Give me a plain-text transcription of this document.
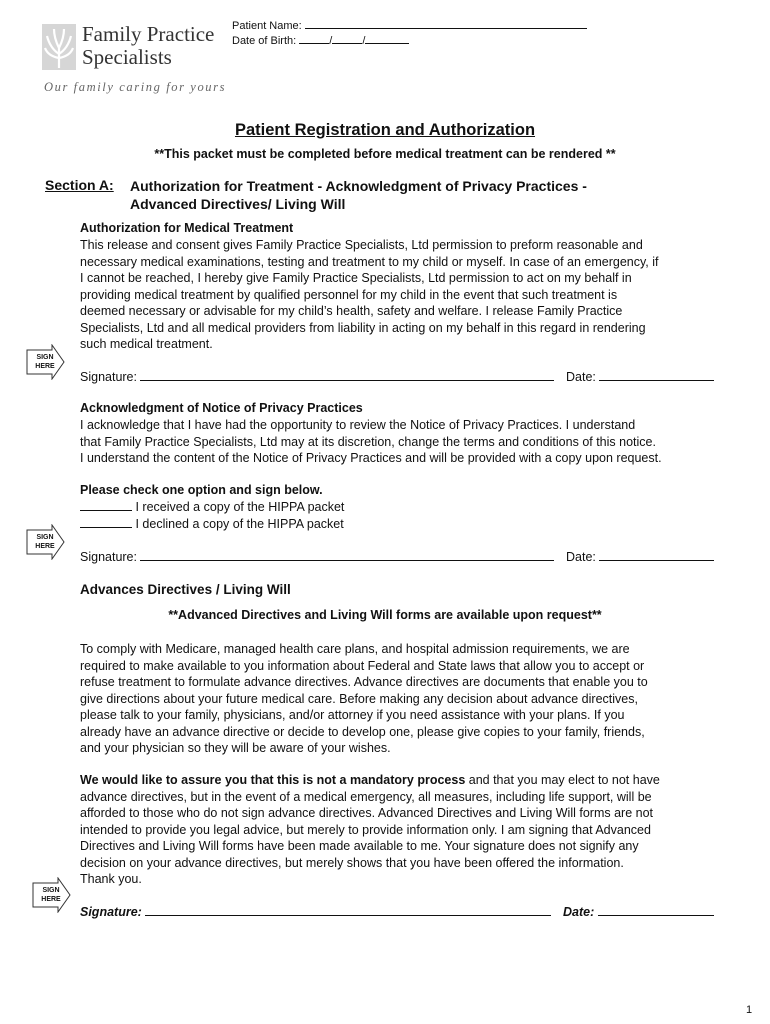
Family Practice
Specialists
Our family caring for yours
Patient Name:
Date of Birth:	/	/
Patient Registration and Authorization
**This packet must be completed before medical treatment can be rendered **
Section A: Authorization for Treatment - Acknowledgment of Privacy Practices -
Advanced Directives/ Living Will
Authorization for Medical Treatment
This release and consent gives Family Practice Specialists, Ltd permission to preform reasonable and
necessary medical examinations, testing and treatment to my child or myself. In case of an emergency, if
I cannot be reached, I hereby give Family Practice Specialists, Ltd permission to act on my behalf in
providing medical treatment by qualified personnel for my child in the event that such treatment is
deemed necessary or advisable for my child’s health, safety and welfare. I release Family Practice
Specialists, Ltd and all medical providers from liability in acting on my behalf in this regard in rendering
such medical treatment.
SIGN
HERE
Signature:	Date:
Acknowledgment of Notice of Privacy Practices
I acknowledge that I have had the opportunity to review the Notice of Privacy Practices. I understand
that Family Practice Specialists, Ltd may at its discretion, change the terms and conditions of this notice.
I understand the content of the Notice of Privacy Practices and will be provided with a copy upon request.
Please check one option and sign below.
I received a copy of the HIPPA packet
I declined a copy of the HIPPA packet
SIGN
HERE
Signature:	Date:
Advances Directives / Living Will
**Advanced Directives and Living Will forms are available upon request**
To comply with Medicare, managed health care plans, and hospital admission requirements, we are
required to make available to you information about Federal and State laws that allow you to accept or
refuse treatment to formulate advance directives. Advance directives are documents that enable you to
give directions about your future medical care. Before making any decision about advance directives,
please talk to your family, physicians, and/or attorney if you need assistance with your plans. If you
already have an advance directive or decide to develop one, please give copies to your family, friends,
and your physician so they will be aware of your wishes.
We would like to assure you that this is not a mandatory process and that you may elect to not have
advance directives, but in the event of a medical emergency, all measures, including life support, will be
afforded to those who do not sign advance directives. Advanced Directives and Living Will forms are not
intended to provide you legal advice, but merely to provide information only. I am signing that Advanced
Directives and Living Will forms have been made available to me. Your signature does not signify any
decision on your advance directives, but merely shows that you have been offered the information.
Thank you.
SIGN
HERE
Signature:	Date:
1
